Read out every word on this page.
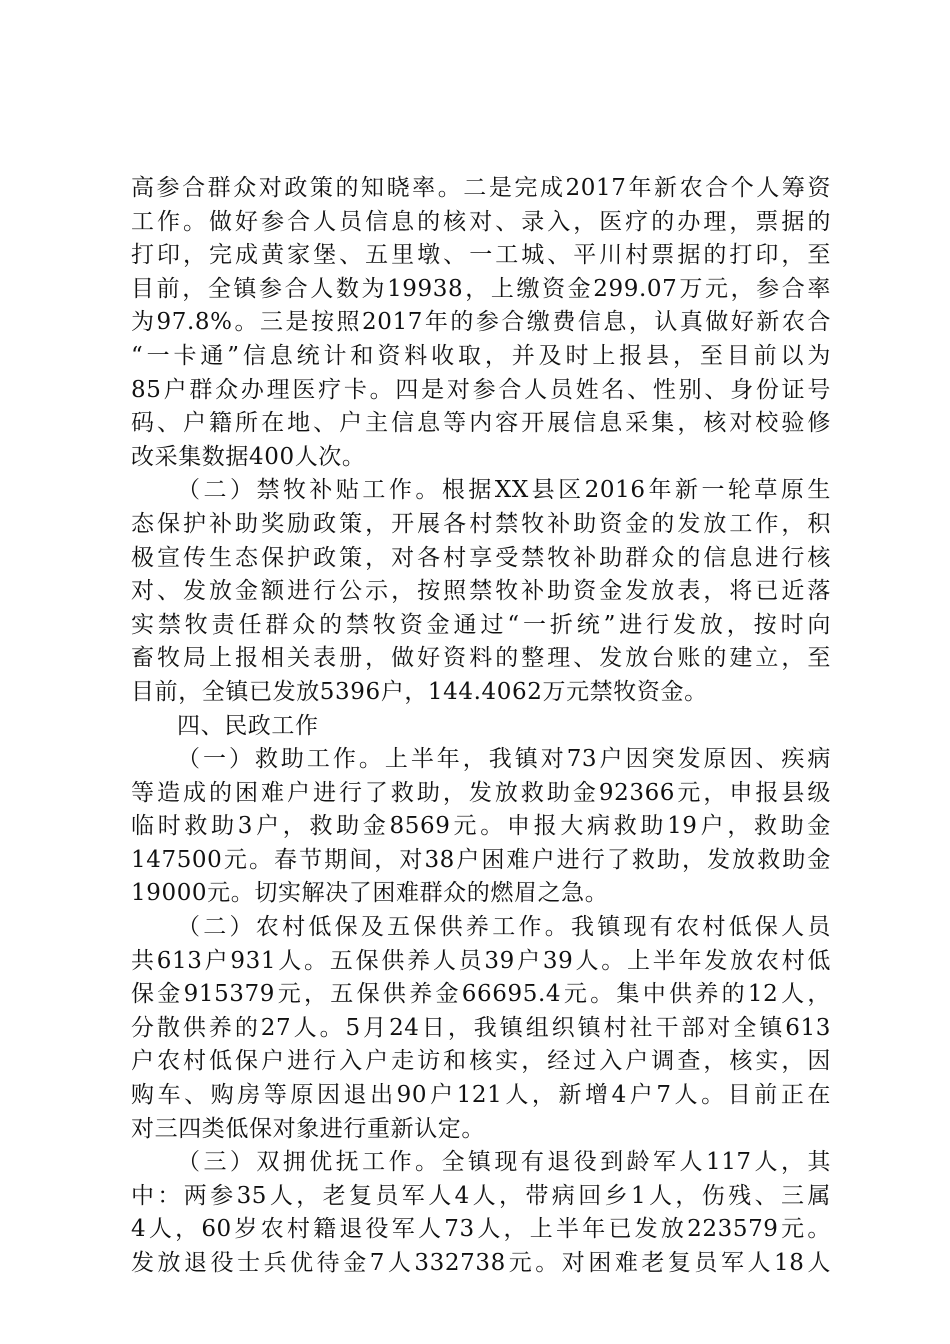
高参合群众对政策的知晓率。二是完成2017年新农合个人筹资
工作。做好参合人员信息的核对、录入，医疗的办理，票据的
打印，完成黄家堡、五里墩、一工城、平川村票据的打印，至
目前，全镇参合人数为19938，上缴资金299.07万元，参合率
为97.8%。三是按照2017年的参合缴费信息，认真做好新农合
“一卡通”信息统计和资料收取，并及时上报县，至目前以为
85户群众办理医疗卡。四是对参合人员姓名、性别、身份证号
码、户籍所在地、户主信息等内容开展信息采集，核对校验修
改采集数据400人次。
（二）禁牧补贴工作。根据XX县区2016年新一轮草原生
态保护补助奖励政策，开展各村禁牧补助资金的发放工作，积
极宣传生态保护政策，对各村享受禁牧补助群众的信息进行核
对、发放金额进行公示，按照禁牧补助资金发放表，将已近落
实禁牧责任群众的禁牧资金通过“一折统”进行发放，按时向
畜牧局上报相关表册，做好资料的整理、发放台账的建立，至
目前，全镇已发放5396户，144.4062万元禁牧资金。
四、民政工作
（一）救助工作。上半年，我镇对73户因突发原因、疾病
等造成的困难户进行了救助，发放救助金92366元，申报县级
临时救助3户，救助金8569元。申报大病救助19户，救助金
147500元。春节期间，对38户困难户进行了救助，发放救助金
19000元。切实解决了困难群众的燃眉之急。
（二）农村低保及五保供养工作。我镇现有农村低保人员
共613户931人。五保供养人员39户39人。上半年发放农村低
保金915379元，五保供养金66695.4元。集中供养的12人，
分散供养的27人。5月24日，我镇组织镇村社干部对全镇613
户农村低保户进行入户走访和核实，经过入户调查，核实，因
购车、购房等原因退出90户121人，新增4户7人。目前正在
对三四类低保对象进行重新认定。
（三）双拥优抚工作。全镇现有退役到龄军人117人，其
中：两参35人，老复员军人4人，带病回乡1人，伤残、三属
4人，60岁农村籍退役军人73人，上半年已发放223579元。
发放退役士兵优待金7人332738元。对困难老复员军人18人
